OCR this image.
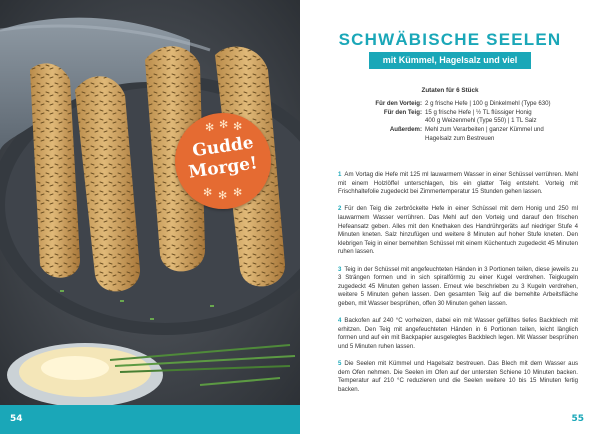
✻ ✻ ✻
Gudde
Morge!
✻ ✻ ✻
54
SCHWÄBISCHE SEELEN
mit Kümmel, Hagelsalz und viel Geduld
Zutaten für 6 Stück
Für den Vorteig: 2 g frische Hefe | 100 g Dinkelmehl (Type 630)
Für den Teig: 15 g frische Hefe | ½ TL flüssiger Honig
400 g Weizenmehl (Type 550) | 1 TL Salz
Außerdem: Mehl zum Verarbeiten | ganzer Kümmel und
Hagelsalz zum Bestreuen

1 Am Vortag die Hefe mit 125 ml lauwarmem Wasser in einer Schüssel verrühren. Mehl mit einem Holzlöffel unterschlagen, bis ein glatter Teig entsteht. Vorteig mit Frischhaltefolie zugedeckt bei Zimmertemperatur 15 Stunden gehen lassen.

2 Für den Teig die zerbröckelte Hefe in einer Schüssel mit dem Honig und 250 ml lauwarmem Wasser verrühren. Das Mehl auf den Vorteig und darauf den frischen Hefeansatz geben. Alles mit den Knethaken des Handrührgeräts auf niedriger Stufe 4 Minuten kneten. Salz hinzufügen und weitere 8 Minuten auf hoher Stufe kneten. Den klebrigen Teig in einer bemehlten Schüssel mit einem Küchentuch zugedeckt 45 Minuten ruhen lassen.

3 Teig in der Schüssel mit angefeuchteten Händen in 3 Portionen teilen, diese jeweils zu 3 Strängen formen und in sich spiralförmig zu einer Kugel verdrehen. Teigkugeln zugedeckt 45 Minuten gehen lassen. Erneut wie beschrieben zu 3 Kugeln verdrehen, weitere 5 Minuten gehen lassen. Den gesamten Teig auf die bemehlte Arbeitsfläche geben, mit Wasser besprühen, offen 30 Minuten gehen lassen.

4 Backofen auf 240 °C vorheizen, dabei ein mit Wasser gefülltes tiefes Backblech mit erhitzen. Den Teig mit angefeuchteten Händen in 6 Portionen teilen, leicht länglich formen und auf ein mit Backpapier ausgelegtes Backblech legen. Mit Wasser besprühen und 5 Minuten ruhen lassen.

5 Die Seelen mit Kümmel und Hagelsalz bestreuen. Das Blech mit dem Wasser aus dem Ofen nehmen. Die Seelen im Ofen auf der untersten Schiene 10 Minuten backen. Temperatur auf 210 °C reduzieren und die Seelen weitere 10 bis 15 Minuten fertig backen.

55
